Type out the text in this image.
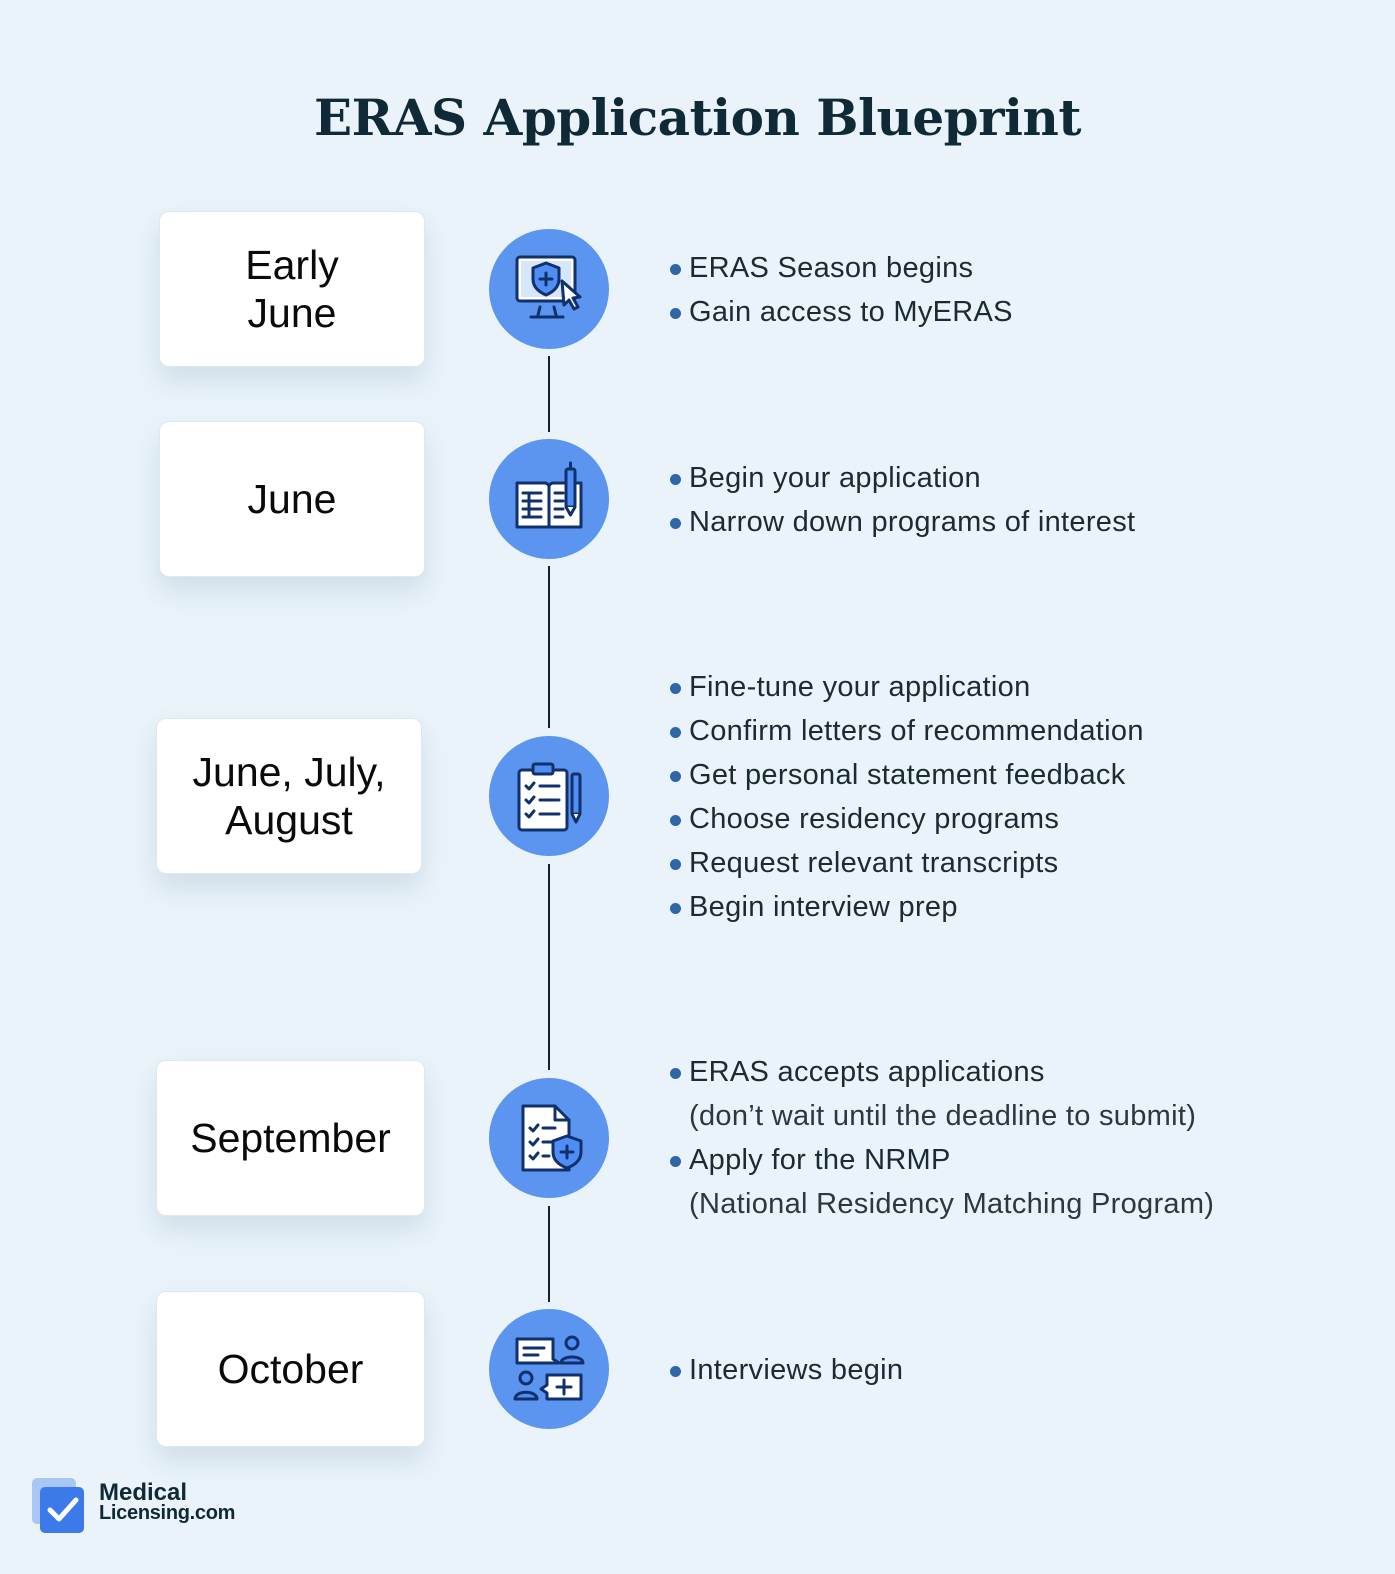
ERAS Application Blueprint
Early
June
ERAS Season begins
Gain access to MyERAS
June	Begin your application
Narrow down programs of interest
June, July,
August
Fine-tune your application
Confirm letters of recommendation
Get personal statement feedback
Choose residency programs
Request relevant transcripts
Begin interview prep
September
ERAS accepts applications
(don’t wait until the deadline to submit)
Apply for the NRMP
(National Residency Matching Program)
October	Interviews begin
Medical
Licensing.com
